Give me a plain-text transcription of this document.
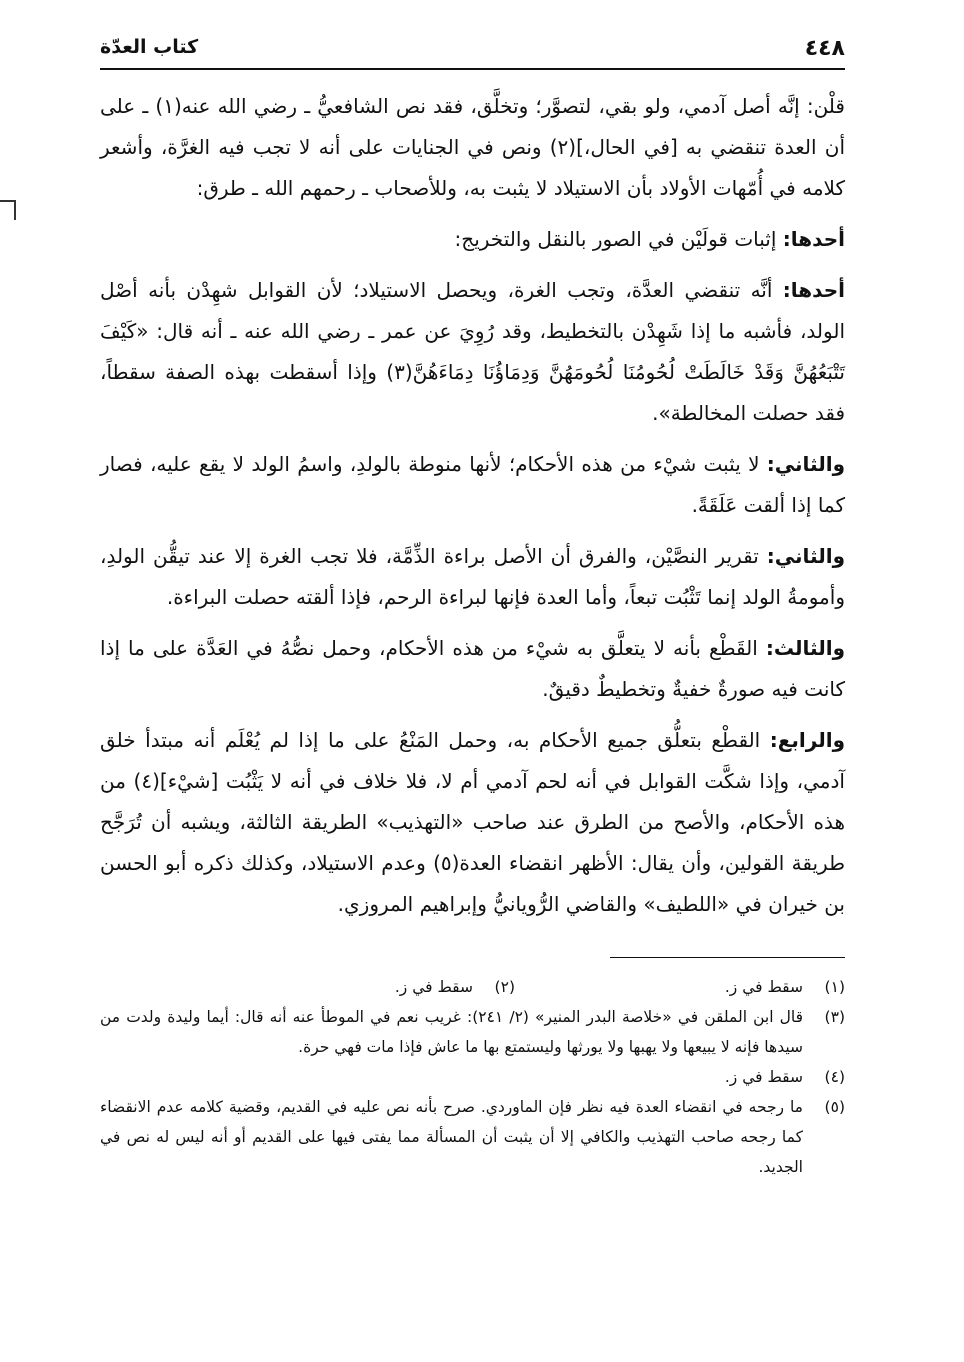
٤٤٨
كتاب العدّة

قلْن: إنَّه أصل آدمي، ولو بقي، لتصوَّر؛ وتخلَّق، فقد نص الشافعيُّ ـ رضي الله عنه(١) ـ على أن العدة تنقضي به [في الحال،](٢) ونص في الجنايات على أنه لا تجب فيه الغرَّة، وأشعر كلامه في أُمّهات الأولاد بأن الاستيلاد لا يثبت به، وللأصحاب ـ رحمهم الله ـ طرق:

أحدها: إثبات قولَيْن في الصور بالنقل والتخريج:

أحدها: أنَّه تنقضي العدَّة، وتجب الغرة، ويحصل الاستيلاد؛ لأن القوابل شهِدْن بأنه أصْل الولد، فأشبه ما إذا شَهِدْن بالتخطيط، وقد رُوِيَ عن عمر ـ رضي الله عنه ـ أنه قال: «كَيْفَ تَتْبَعُهُنَّ وَقَدْ خَالَطَتْ لُحُومُنَا لُحُومَهُنَّ وَدِمَاؤُنَا دِمَاءَهُنَّ(٣) وإذا أسقطت بهذه الصفة سقطاً، فقد حصلت المخالطة».

والثاني: لا يثبت شيْء من هذه الأحكام؛ لأنها منوطة بالولدِ، واسمُ الولد لا يقع عليه، فصار كما إذا ألقت عَلَقَةً.

والثاني: تقرير النصَّيْن، والفرق أن الأصل براءة الذِّمَّة، فلا تجب الغرة إلا عند تيقُّن الولدِ، وأمومةُ الولد إنما تَثْبُت تبعاً، وأما العدة فإنها لبراءة الرحم، فإذا ألقته حصلت البراءة.

والثالث: القَطْع بأنه لا يتعلَّق به شيْء من هذه الأحكام، وحمل نصُّهُ في العَدَّة على ما إذا كانت فيه صورةٌ خفيةٌ وتخطيطٌ دقيقٌ.

والرابع: القطْع بتعلُّق جميع الأحكام به، وحمل المَنْعُ على ما إذا لم يُعْلَم أنه مبتدأ خلق آدمي، وإذا شكَّت القوابل في أنه لحم آدمي أم لا، فلا خلاف في أنه لا يَثْبُت [شيْء](٤) من هذه الأحكام، والأصح من الطرق عند صاحب «التهذيب» الطريقة الثالثة، ويشبه أن تُرَجَّح طريقة القولين، وأن يقال: الأظهر انقضاء العدة(٥) وعدم الاستيلاد، وكذلك ذكره أبو الحسن بن خيران في «اللطيف» والقاضي الرُّويانيُّ وإبراهيم المروزي.

(١)
سقط في ز.
(٢)
سقط في ز.
(٣)
قال ابن الملقن في «خلاصة البدر المنير» (٢/ ٢٤١): غريب نعم في الموطأ عنه أنه قال: أيما وليدة ولدت من سيدها فإنه لا يبيعها ولا يهبها ولا يورثها وليستمتع بها ما عاش فإذا مات فهي حرة.
(٤)
سقط في ز.
(٥)
ما رجحه في انقضاء العدة فيه نظر فإن الماوردي. صرح بأنه نص عليه في القديم، وقضية كلامه عدم الانقضاء كما رجحه صاحب التهذيب والكافي إلا أن يثبت أن المسألة مما يفتى فيها على القديم أو أنه ليس له نص في الجديد.
